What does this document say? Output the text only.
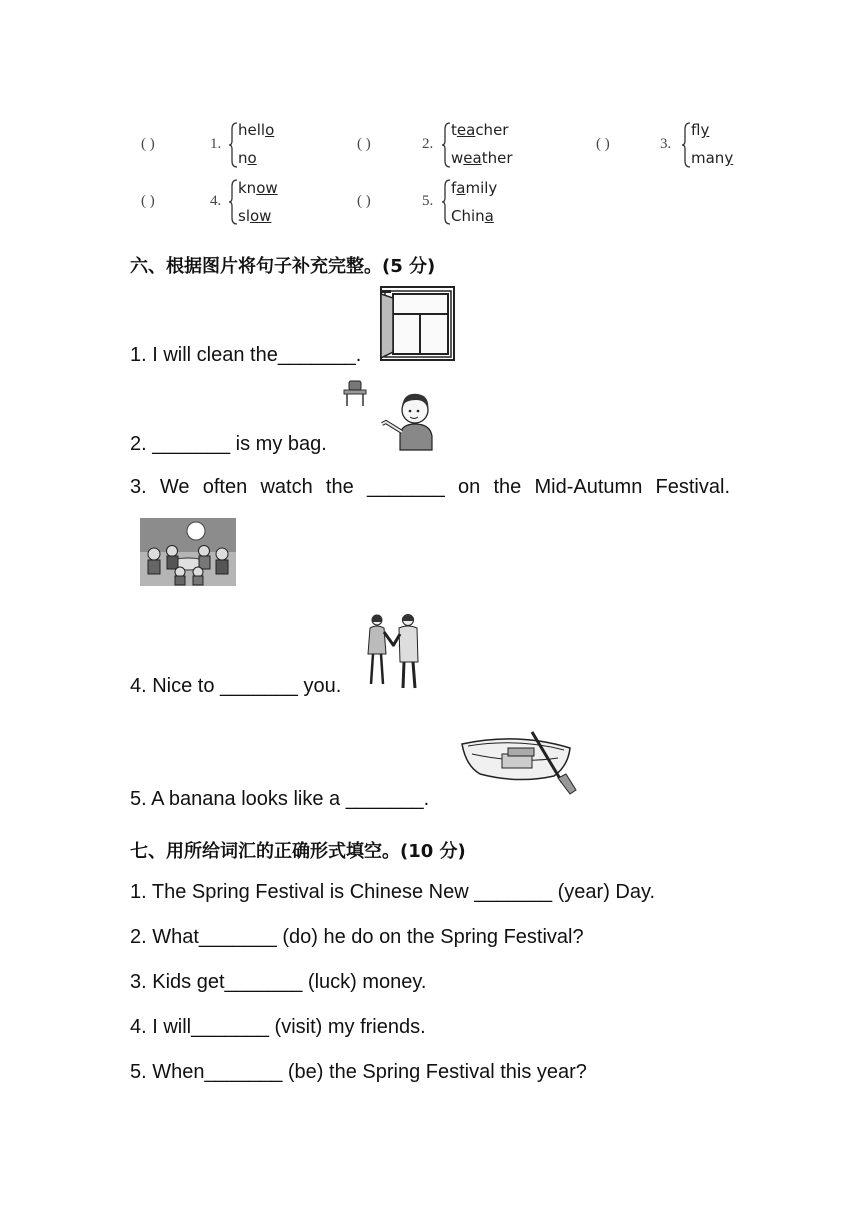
( )	1.
hello
no
( )	2.
teacher
weather
( )	3.
fly
many
( )	4.
know
slow
( )	5.
family
China
六、根据图片将句子补充完整。(5 分)
1. I will clean the_______.
2. _______ is my bag.
3. We often watch the _______ on the Mid-Autumn Festival.
4. Nice to _______ you.
5. A banana looks like a _______.
七、用所给词汇的正确形式填空。(10 分)
1. The Spring Festival is Chinese New _______ (year) Day.
2. What_______ (do) he do on the Spring Festival?
3. Kids get_______ (luck) money.
4. I will_______ (visit) my friends.
5. When_______ (be) the Spring Festival this year?
